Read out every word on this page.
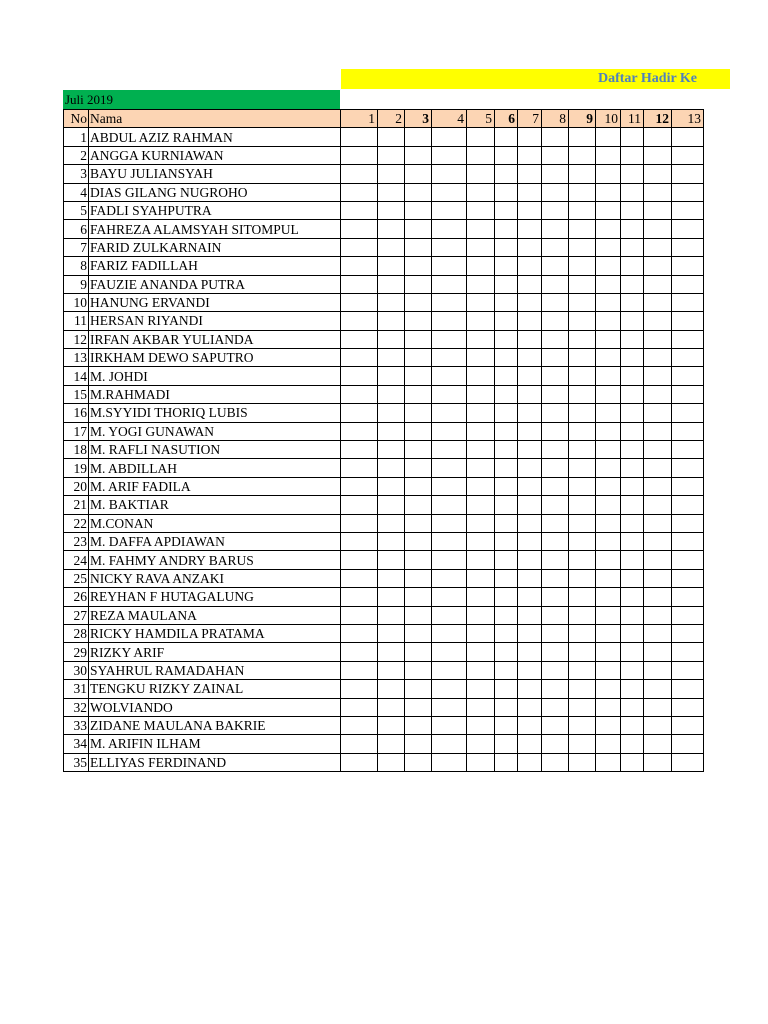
Daftar Hadir Ke
Juli 2019
No	Nama	1	2	3	4	5	6	7	8	9	10	11	12	13
1	ABDUL AZIZ RAHMAN													
2	ANGGA KURNIAWAN													
3	BAYU JULIANSYAH													
4	DIAS GILANG NUGROHO													
5	FADLI SYAHPUTRA													
6	FAHREZA ALAMSYAH SITOMPUL													
7	FARID ZULKARNAIN													
8	FARIZ FADILLAH													
9	FAUZIE ANANDA PUTRA													
10	HANUNG ERVANDI													
11	HERSAN RIYANDI													
12	IRFAN AKBAR YULIANDA													
13	IRKHAM DEWO SAPUTRO													
14	M. JOHDI													
15	M.RAHMADI													
16	M.SYYIDI THORIQ LUBIS													
17	M. YOGI GUNAWAN													
18	M. RAFLI NASUTION													
19	M. ABDILLAH													
20	M. ARIF FADILA													
21	M. BAKTIAR													
22	M.CONAN													
23	M. DAFFA APDIAWAN													
24	M. FAHMY ANDRY BARUS													
25	NICKY RAVA ANZAKI													
26	REYHAN F HUTAGALUNG													
27	REZA MAULANA													
28	RICKY HAMDILA PRATAMA													
29	RIZKY ARIF													
30	SYAHRUL RAMADAHAN													
31	TENGKU RIZKY ZAINAL													
32	WOLVIANDO													
33	ZIDANE MAULANA BAKRIE													
34	M. ARIFIN ILHAM													
35	ELLIYAS FERDINAND													
